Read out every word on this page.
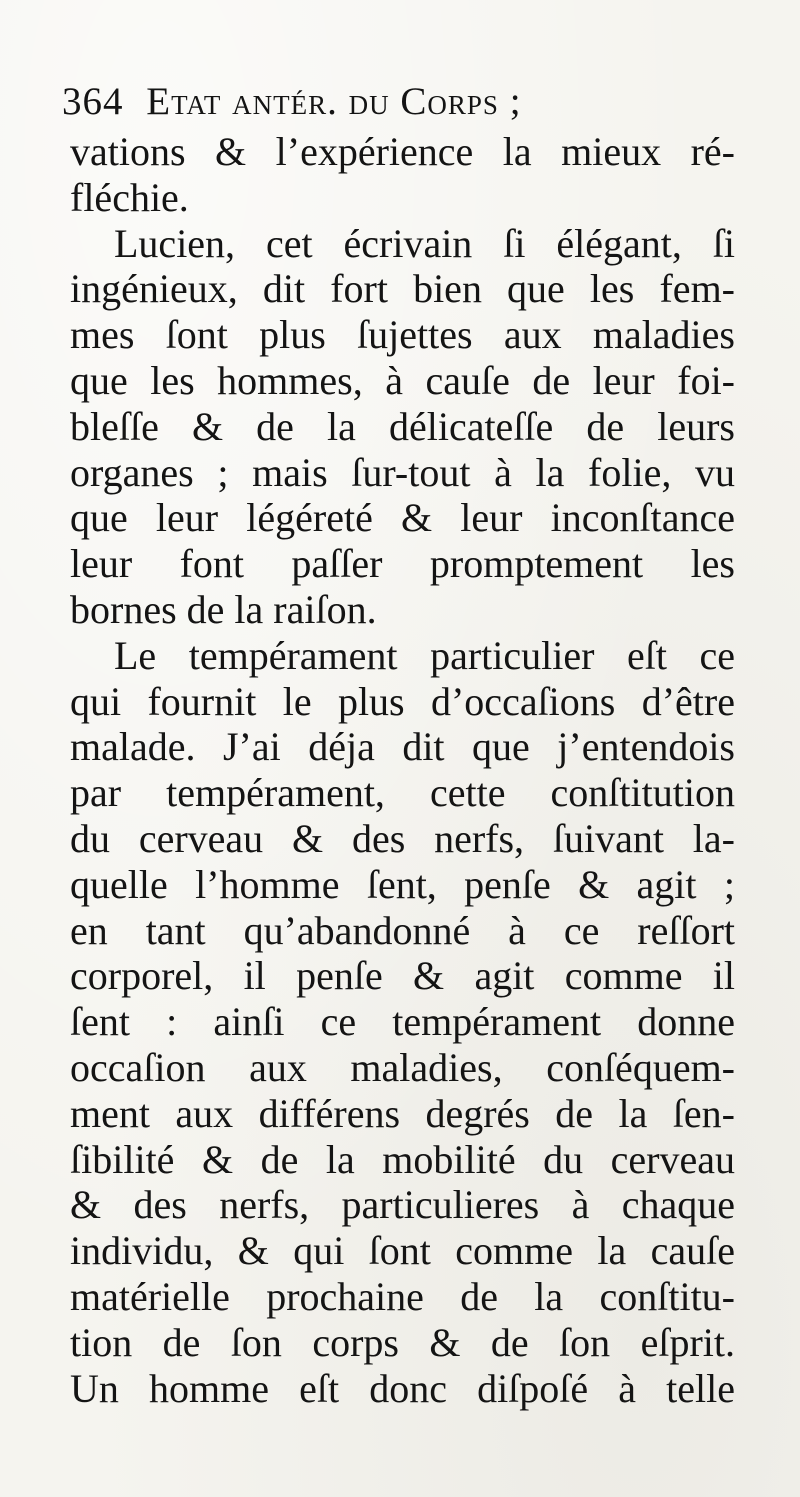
364 Etat antér. du Corps ;
vations & l’expérience la mieux ré-
fléchie.
Lucien, cet écrivain ſi élégant, ſi
ingénieux, dit fort bien que les fem-
mes ſont plus ſujettes aux maladies
que les hommes, à cauſe de leur foi-
bleſſe & de la délicateſſe de leurs
organes ; mais ſur-tout à la folie, vu
que leur légéreté & leur inconſtance
leur font paſſer promptement les
bornes de la raiſon.
Le tempérament particulier eſt ce
qui fournit le plus d’occaſions d’être
malade. J’ai déja dit que j’entendois
par tempérament, cette conſtitution
du cerveau & des nerfs, ſuivant la-
quelle l’homme ſent, penſe & agit ;
en tant qu’abandonné à ce reſſort
corporel, il penſe & agit comme il
ſent : ainſi ce tempérament donne
occaſion aux maladies, conſéquem-
ment aux différens degrés de la ſen-
ſibilité & de la mobilité du cerveau
& des nerfs, particulieres à chaque
individu, & qui ſont comme la cauſe
matérielle prochaine de la conſtitu-
tion de ſon corps & de ſon eſprit.
Un homme eſt donc diſpoſé à telle
